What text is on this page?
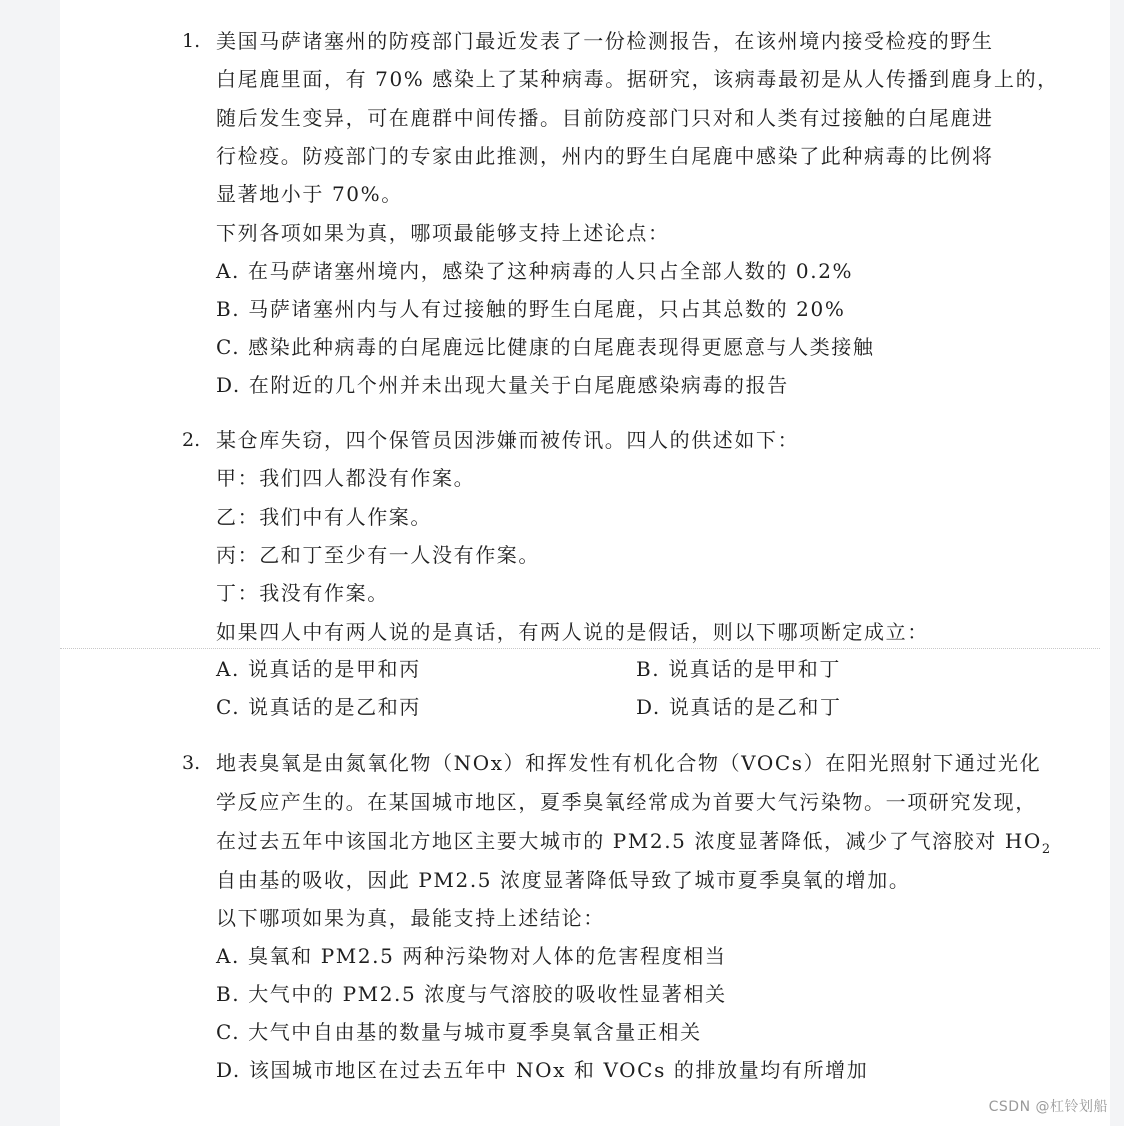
1. 美国马萨诸塞州的防疫部门最近发表了一份检测报告，在该州境内接受检疫的野生
白尾鹿里面，有 70% 感染上了某种病毒。据研究，该病毒最初是从人传播到鹿身上的，
随后发生变异，可在鹿群中间传播。目前防疫部门只对和人类有过接触的白尾鹿进
行检疫。防疫部门的专家由此推测，州内的野生白尾鹿中感染了此种病毒的比例将
显著地小于 70%。
下列各项如果为真，哪项最能够支持上述论点：
A. 在马萨诸塞州境内，感染了这种病毒的人只占全部人数的 0.2%
B. 马萨诸塞州内与人有过接触的野生白尾鹿，只占其总数的 20%
C. 感染此种病毒的白尾鹿远比健康的白尾鹿表现得更愿意与人类接触
D. 在附近的几个州并未出现大量关于白尾鹿感染病毒的报告
2. 某仓库失窃，四个保管员因涉嫌而被传讯。四人的供述如下：
甲：我们四人都没有作案。
乙：我们中有人作案。
丙：乙和丁至少有一人没有作案。
丁：我没有作案。
如果四人中有两人说的是真话，有两人说的是假话，则以下哪项断定成立：
A. 说真话的是甲和丙	B. 说真话的是甲和丁
C. 说真话的是乙和丙	D. 说真话的是乙和丁
3. 地表臭氧是由氮氧化物（NOx）和挥发性有机化合物（VOCs）在阳光照射下通过光化
学反应产生的。在某国城市地区，夏季臭氧经常成为首要大气污染物。一项研究发现，
在过去五年中该国北方地区主要大城市的 PM2.5 浓度显著降低，减少了气溶胶对 $HO_2$
自由基的吸收，因此 PM2.5 浓度显著降低导致了城市夏季臭氧的增加。
以下哪项如果为真，最能支持上述结论：
A. 臭氧和 PM2.5 两种污染物对人体的危害程度相当
B. 大气中的 PM2.5 浓度与气溶胶的吸收性显著相关
C. 大气中自由基的数量与城市夏季臭氧含量正相关
D. 该国城市地区在过去五年中 NOx 和 VOCs 的排放量均有所增加
CSDN @杠铃划船
